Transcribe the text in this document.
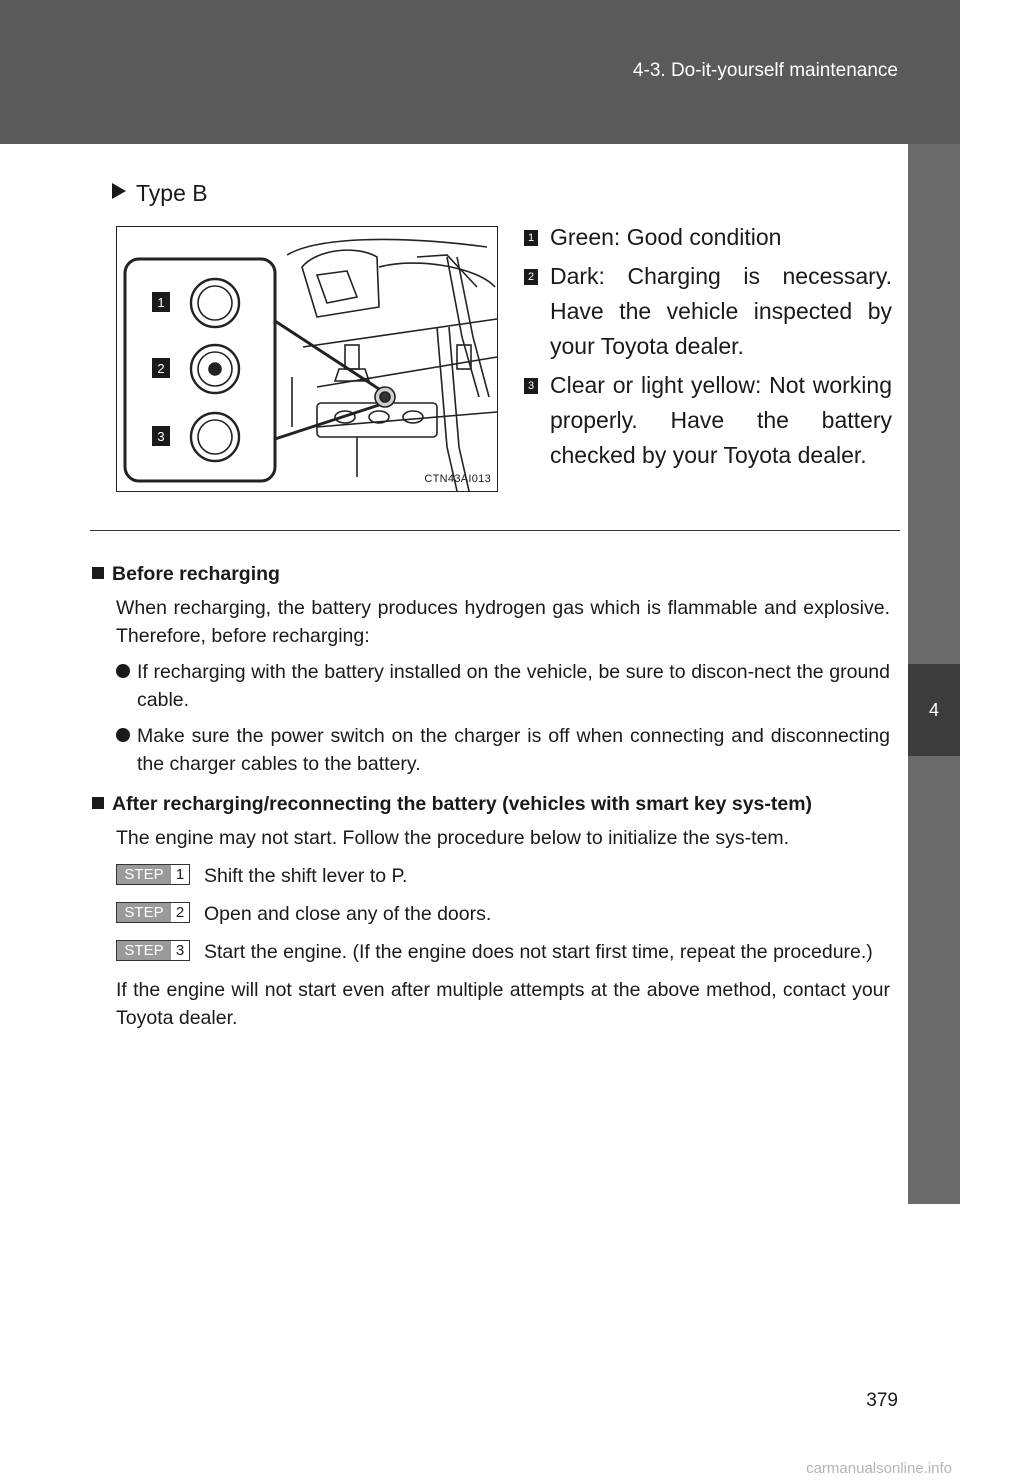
4-3. Do-it-yourself maintenance
4
Maintenance and care
Type B
1
2
3
CTN43AI013
1 Green: Good condition
2 Dark: Charging is necessary. Have the vehicle inspected by your Toyota dealer.
3 Clear or light yellow: Not working properly. Have the battery checked by your Toyota dealer.
Before recharging
When recharging, the battery produces hydrogen gas which is flammable and explosive. Therefore, before recharging:
If recharging with the battery installed on the vehicle, be sure to discon-nect the ground cable.
Make sure the power switch on the charger is off when connecting and disconnecting the charger cables to the battery.
After recharging/reconnecting the battery (vehicles with smart key sys-tem)
The engine may not start. Follow the procedure below to initialize the sys-tem.
STEP 1 Shift the shift lever to P.
STEP 2 Open and close any of the doors.
STEP 3 Start the engine. (If the engine does not start first time, repeat the procedure.)
If the engine will not start even after multiple attempts at the above method, contact your Toyota dealer.
379
carmanualsonline.info
